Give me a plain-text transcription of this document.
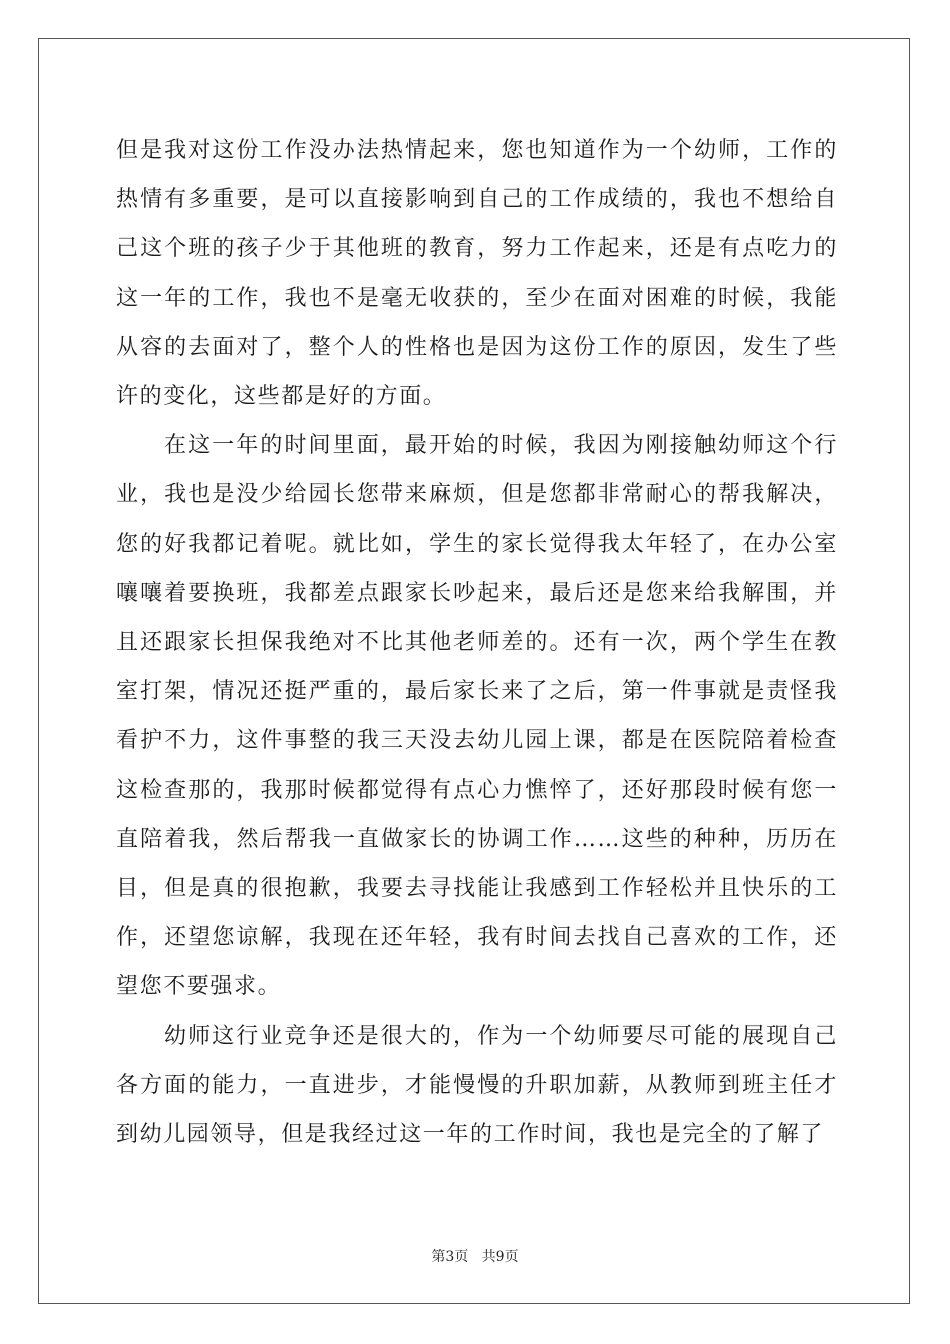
但是我对这份工作没办法热情起来，您也知道作为一个幼师，工作的热情有多重要，是可以直接影响到自己的工作成绩的，我也不想给自己这个班的孩子少于其他班的教育，努力工作起来，还是有点吃力的这一年的工作，我也不是毫无收获的，至少在面对困难的时候，我能从容的去面对了，整个人的性格也是因为这份工作的原因，发生了些许的变化，这些都是好的方面。

在这一年的时间里面，最开始的时候，我因为刚接触幼师这个行业，我也是没少给园长您带来麻烦，但是您都非常耐心的帮我解决，您的好我都记着呢。就比如，学生的家长觉得我太年轻了，在办公室嚷嚷着要换班，我都差点跟家长吵起来，最后还是您来给我解围，并且还跟家长担保我绝对不比其他老师差的。还有一次，两个学生在教室打架，情况还挺严重的，最后家长来了之后，第一件事就是责怪我看护不力，这件事整的我三天没去幼儿园上课，都是在医院陪着检查这检查那的，我那时候都觉得有点心力憔悴了，还好那段时候有您一直陪着我，然后帮我一直做家长的协调工作……这些的种种，历历在目，但是真的很抱歉，我要去寻找能让我感到工作轻松并且快乐的工作，还望您谅解，我现在还年轻，我有时间去找自己喜欢的工作，还望您不要强求。

幼师这行业竞争还是很大的，作为一个幼师要尽可能的展现自己各方面的能力，一直进步，才能慢慢的升职加薪，从教师到班主任才到幼儿园领导，但是我经过这一年的工作时间，我也是完全的了解了

第3页   共9页
